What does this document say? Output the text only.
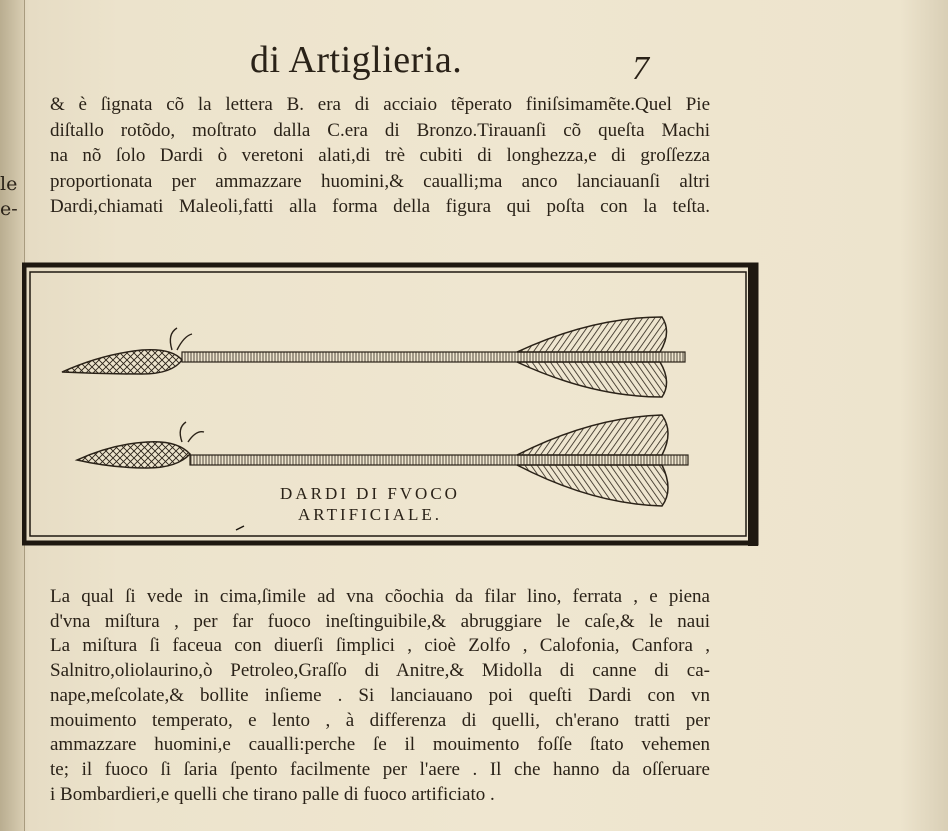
le
e-
di Artiglieria.	7
& è ſignata cõ la lettera B. era di acciaio tẽperato finiſsimamẽte.Quel Pie
diſtallo rotõdo, moſtrato dalla C.era di Bronzo.Tirauanſi cõ queſta Machi
na nõ ſolo Dardi ò veretoni alati,di trè cubiti di longhezza,e di groſſezza
proportionata per ammazzare huomini,& caualli;ma anco lanciauanſi altri
Dardi,chiamati Maleoli,fatti alla forma della figura qui poſta con la teſta.
DARDI DI FVOCO
ARTIFICIALE.
La qual ſi vede in cima,ſimile ad vna cõochia da filar lino, ferrata , e piena
d'vna miſtura , per far fuoco ineſtinguibile,& abruggiare le caſe,& le naui
La miſtura ſi faceua con diuerſi ſimplici , cioè Zolfo , Calofonia, Canfora ,
Salnitro,oliolaurino,ò Petroleo,Graſſo di Anitre,& Midolla di canne di ca-
nape,meſcolate,& bollite inſieme . Si lanciauano poi queſti Dardi con vn
mouimento temperato, e lento , à differenza di quelli, ch'erano tratti per
ammazzare huomini,e caualli:perche ſe il mouimento foſſe ſtato vehemen
te; il fuoco ſi ſaria ſpento facilmente per l'aere . Il che hanno da oſſeruare
i Bombardieri,e quelli che tirano palle di fuoco artificiato .
